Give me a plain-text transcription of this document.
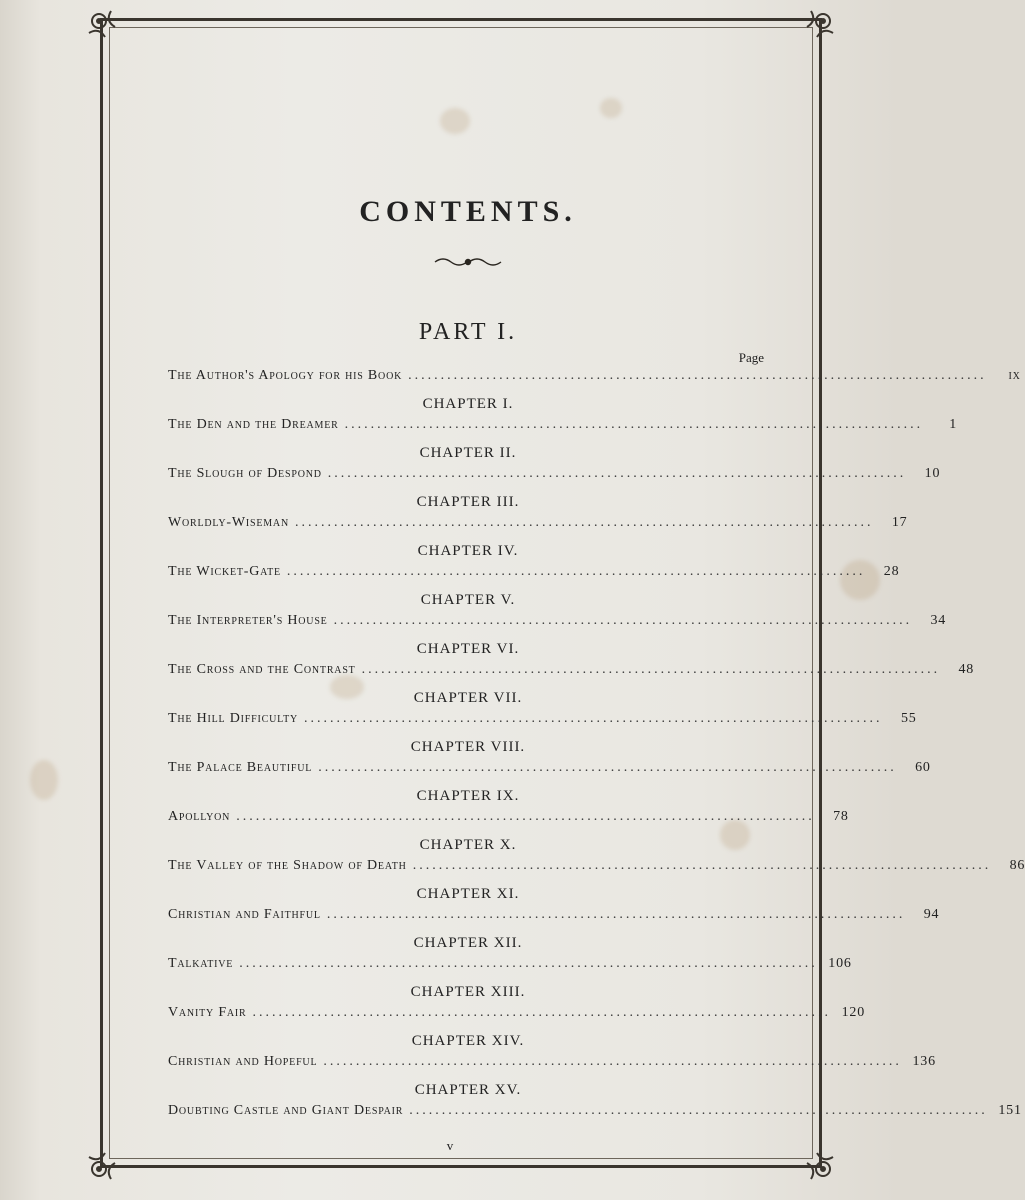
CONTENTS.
PART I.
Page
The Author's Apology for his Book .........................................................................................	ix
CHAPTER I.
The Den and the Dreamer .........................................................................................	1
CHAPTER II.
The Slough of Despond .........................................................................................	10
CHAPTER III.
Worldly-Wiseman .........................................................................................	17
CHAPTER IV.
The Wicket-Gate .........................................................................................	28
CHAPTER V.
The Interpreter's House .........................................................................................	34
CHAPTER VI.
The Cross and the Contrast .........................................................................................	48
CHAPTER VII.
The Hill Difficulty .........................................................................................	55
CHAPTER VIII.
The Palace Beautiful .........................................................................................	60
CHAPTER IX.
Apollyon .........................................................................................	78
CHAPTER X.
The Valley of the Shadow of Death .........................................................................................	86
CHAPTER XI.
Christian and Faithful .........................................................................................	94
CHAPTER XII.
Talkative ......................................................................................... 106
CHAPTER XIII.
Vanity Fair ......................................................................................... 120
CHAPTER XIV.
Christian and Hopeful ......................................................................................... 136
CHAPTER XV.
Doubting Castle and Giant Despair ......................................................................................... 151
v
